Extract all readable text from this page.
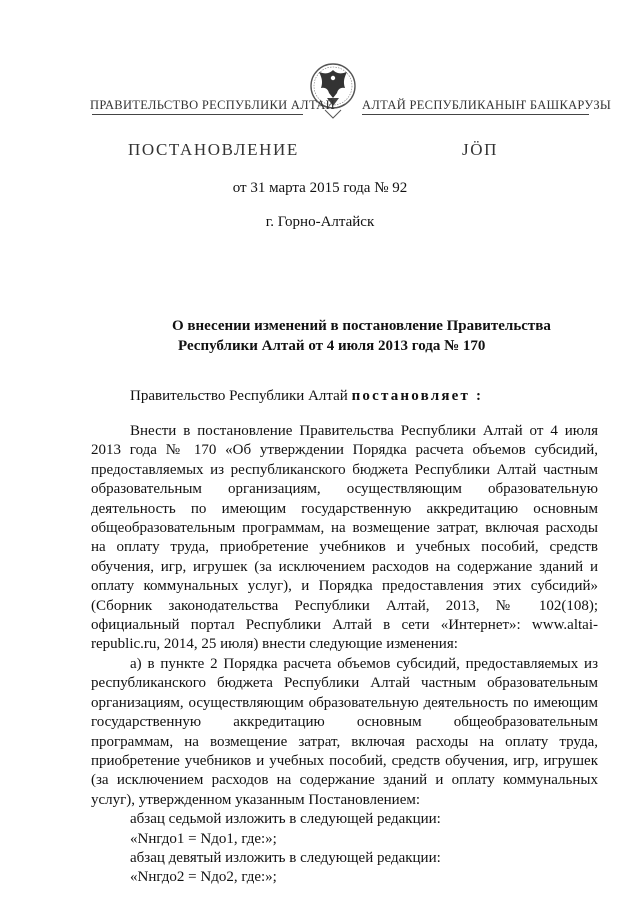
ПРАВИТЕЛЬСТВО РЕСПУБЛИКИ АЛТАЙ АЛТАЙ РЕСПУБЛИКАНЫҤ БАШКАРУЗЫ
ПОСТАНОВЛЕНИЕ	JÖП
от 31 марта 2015 года № 92
г. Горно-Алтайск
О внесении изменений в постановление Правительства
Республики Алтай от 4 июля 2013 года № 170
Правительство Республики Алтай постановляет :

Внести в постановление Правительства Республики Алтай от 4 июля 2013 года № 170 «Об утверждении Порядка расчета объемов субсидий, предоставляемых из республиканского бюджета Республики Алтай частным образовательным организациям, осуществляющим образовательную деятельность по имеющим государственную аккредитацию основным общеобразовательным программам, на возмещение затрат, включая расходы на оплату труда, приобретение учебников и учебных пособий, средств обучения, игр, игрушек (за исключением расходов на содержание зданий и оплату коммунальных услуг), и Порядка предоставления этих субсидий» (Сборник законодательства Республики Алтай, 2013, № 102(108); официальный портал Республики Алтай в сети «Интернет»: www.altai-republic.ru, 2014, 25 июля) внести следующие изменения:

а) в пункте 2 Порядка расчета объемов субсидий, предоставляемых из республиканского бюджета Республики Алтай частным образовательным организациям, осуществляющим образовательную деятельность по имеющим государственную аккредитацию основным общеобразовательным программам, на возмещение затрат, включая расходы на оплату труда, приобретение учебников и учебных пособий, средств обучения, игр, игрушек (за исключением расходов на содержание зданий и оплату коммунальных услуг), утвержденном указанным Постановлением:

абзац седьмой изложить в следующей редакции:

«Nнгдо1 = Nдо1, где:»;

абзац девятый изложить в следующей редакции:

«Nнгдо2 = Nдо2, где:»;
